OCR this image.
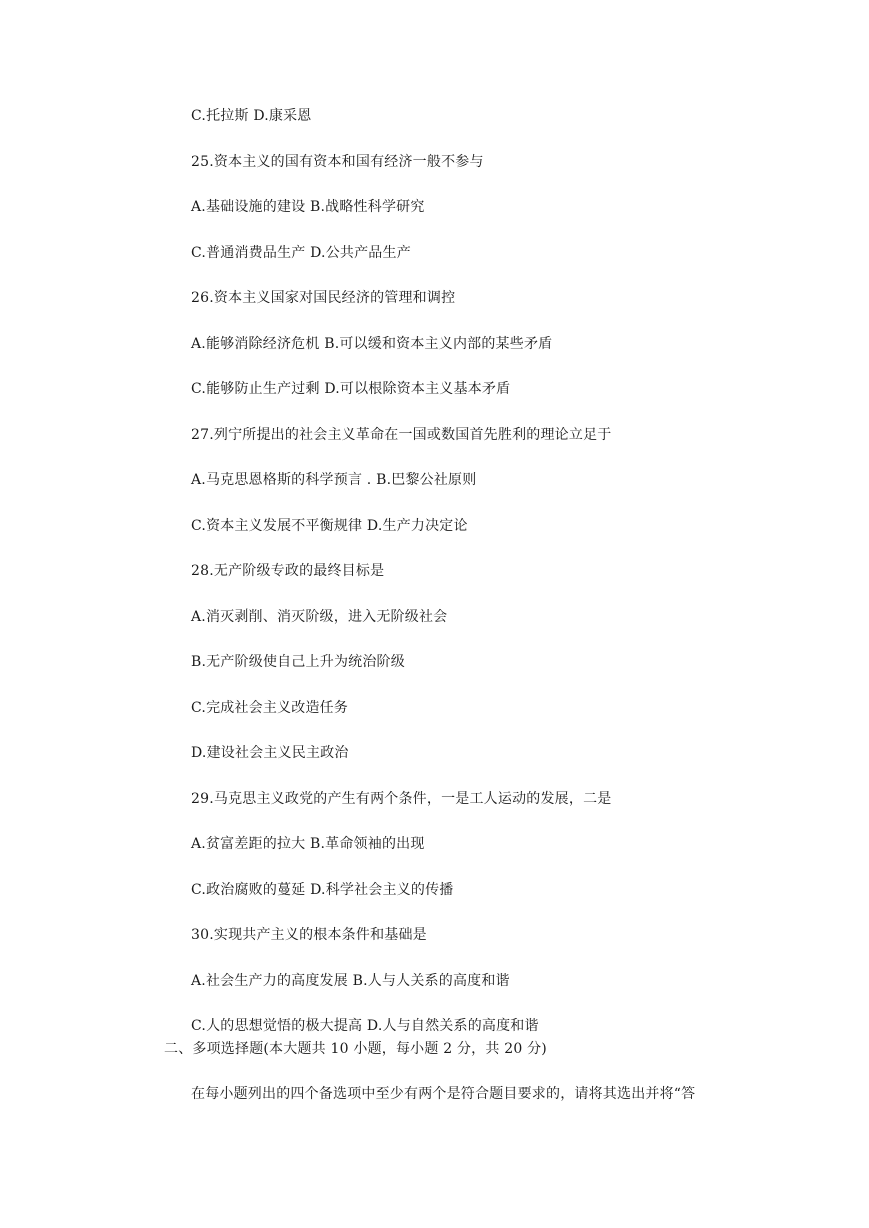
C.托拉斯 D.康采恩
25.资本主义的国有资本和国有经济一般不参与
A.基础设施的建设 B.战略性科学研究
C.普通消费品生产 D.公共产品生产
26.资本主义国家对国民经济的管理和调控
A.能够消除经济危机 B.可以缓和资本主义内部的某些矛盾
C.能够防止生产过剩 D.可以根除资本主义基本矛盾
27.列宁所提出的社会主义革命在一国或数国首先胜利的理论立足于
A.马克思恩格斯的科学预言 . B.巴黎公社原则
C.资本主义发展不平衡规律 D.生产力决定论
28.无产阶级专政的最终目标是
A.消灭剥削、消灭阶级，进入无阶级社会
B.无产阶级使自己上升为统治阶级
C.完成社会主义改造任务
D.建设社会主义民主政治
29.马克思主义政党的产生有两个条件，一是工人运动的发展，二是
A.贫富差距的拉大 B.革命领袖的出现
C.政治腐败的蔓延 D.科学社会主义的传播
30.实现共产主义的根本条件和基础是
A.社会生产力的高度发展 B.人与人关系的高度和谐
C.人的思想觉悟的极大提高 D.人与自然关系的高度和谐
二、多项选择题(本大题共 10 小题，每小题 2 分，共 20 分)
在每小题列出的四个备选项中至少有两个是符合题目要求的，请将其选出并将“答
